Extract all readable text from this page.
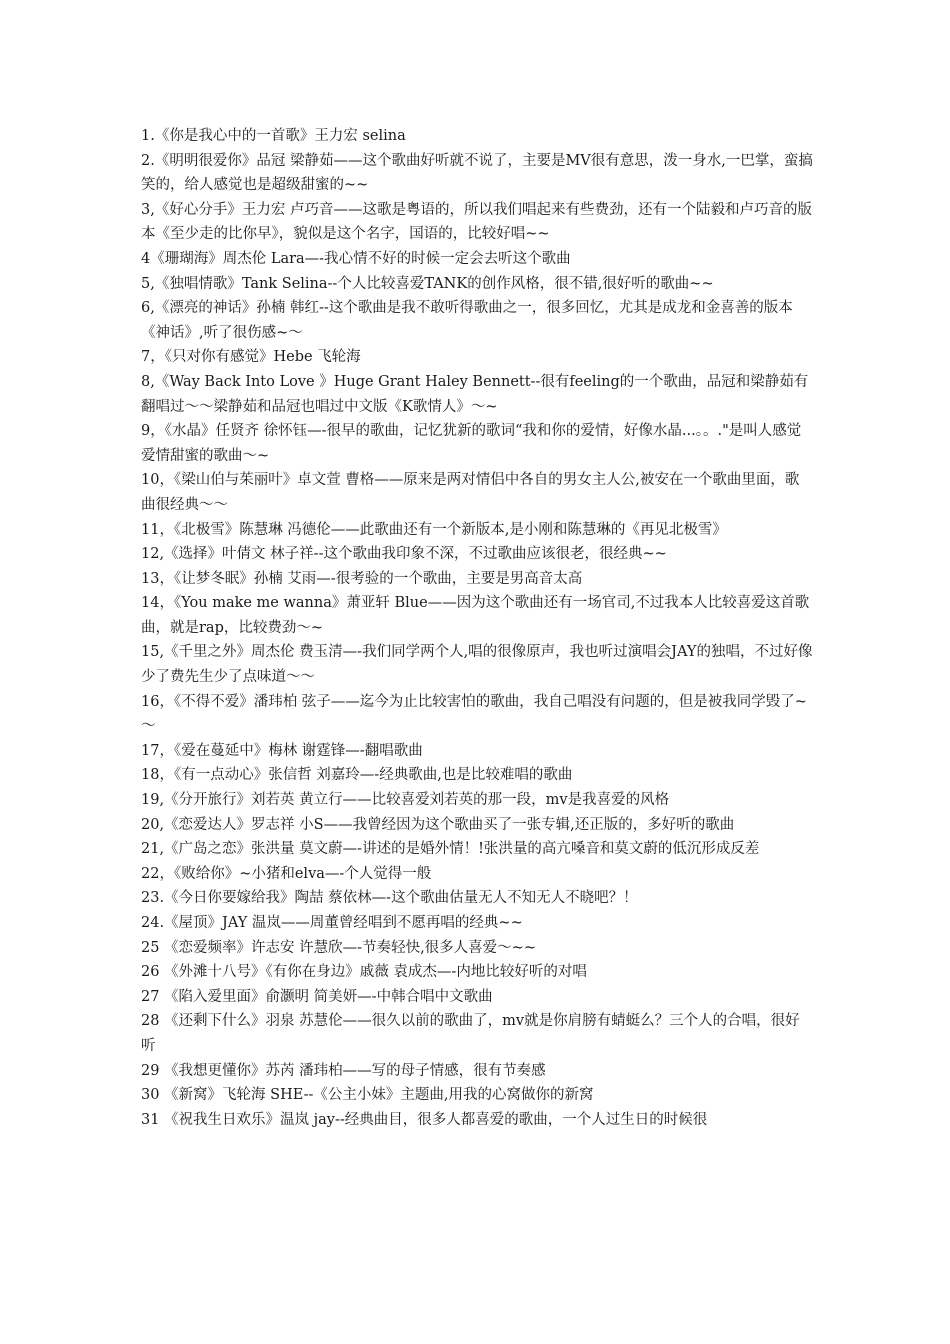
1.《你是我心中的一首歌》王力宏 selina

2.《明明很爱你》品冠 梁静茹——这个歌曲好听就不说了，主要是MV很有意思，泼一身水,一巴掌，蛮搞笑的，给人感觉也是超级甜蜜的~~

3,《好心分手》王力宏 卢巧音——这歌是粤语的，所以我们唱起来有些费劲，还有一个陆毅和卢巧音的版本《至少走的比你早》，貌似是这个名字，国语的，比较好唱~~

4《珊瑚海》周杰伦 Lara—-我心情不好的时候一定会去听这个歌曲

5,《独唱情歌》Tank Selina--个人比较喜爱TANK的创作风格，很不错,很好听的歌曲~~

6,《漂亮的神话》孙楠 韩红--这个歌曲是我不敢听得歌曲之一，很多回忆，尤其是成龙和金喜善的版本《神话》,听了很伤感~～

7，《只对你有感觉》Hebe 飞轮海

8,《Way Back Into Love 》Huge Grant Haley Bennett--很有feeling的一个歌曲，品冠和梁静茹有翻唱过～～梁静茹和品冠也唱过中文版《K歌情人》～~

9，《水晶》任贤齐 徐怀钰—-很早的歌曲，记忆犹新的歌词“我和你的爱情，好像水晶...。。."是叫人感觉爱情甜蜜的歌曲～~

10，《梁山伯与茱丽叶》卓文萱 曹格——原来是两对情侣中各自的男女主人公,被安在一个歌曲里面，歌曲很经典～～

11，《北极雪》陈慧琳 冯德伦——此歌曲还有一个新版本,是小刚和陈慧琳的《再见北极雪》

12,《选择》叶倩文 林子祥--这个歌曲我印象不深，不过歌曲应该很老，很经典~~

13，《让梦冬眠》孙楠 艾雨—-很考验的一个歌曲，主要是男高音太高

14，《You make me wanna》萧亚轩 Blue——因为这个歌曲还有一场官司,不过我本人比较喜爱这首歌曲，就是rap，比较费劲～~

15,《千里之外》周杰伦 费玉清—-我们同学两个人,唱的很像原声，我也听过演唱会JAY的独唱，不过好像少了费先生少了点味道～～

16，《不得不爱》潘玮柏 弦子——迄今为止比较害怕的歌曲，我自己唱没有问题的，但是被我同学毁了~～

17，《爱在蔓延中》梅林 谢霆锋—-翻唱歌曲

18，《有一点动心》张信哲 刘嘉玲—-经典歌曲,也是比较难唱的歌曲

19,《分开旅行》刘若英 黄立行——比较喜爱刘若英的那一段，mv是我喜爱的风格

20,《恋爱达人》罗志祥 小S——我曾经因为这个歌曲买了一张专辑,还正版的，多好听的歌曲

21,《广岛之恋》张洪量 莫文蔚—-讲述的是婚外情！!张洪量的高亢嗓音和莫文蔚的低沉形成反差

22，《败给你》~小猪和elva—-个人觉得一般

23.《今日你要嫁给我》陶喆 蔡依林—-这个歌曲估量无人不知无人不晓吧？！

24.《屋顶》JAY 温岚——周董曾经唱到不愿再唱的经典~~

25 《恋爱频率》许志安 许慧欣—-节奏轻快,很多人喜爱～~~

26 《外滩十八号》《有你在身边》戚薇 袁成杰—-内地比较好听的对唱

27 《陷入爱里面》俞灏明 简美妍—-中韩合唱中文歌曲

28 《还剩下什么》羽泉 苏慧伦——很久以前的歌曲了，mv就是你肩膀有蜻蜓么？三个人的合唱，很好听

29 《我想更懂你》苏芮 潘玮柏——写的母子情感，很有节奏感

30 《新窝》飞轮海 SHE--《公主小妹》主题曲,用我的心窝做你的新窝

31 《祝我生日欢乐》温岚 jay--经典曲目，很多人都喜爱的歌曲，一个人过生日的时候很
